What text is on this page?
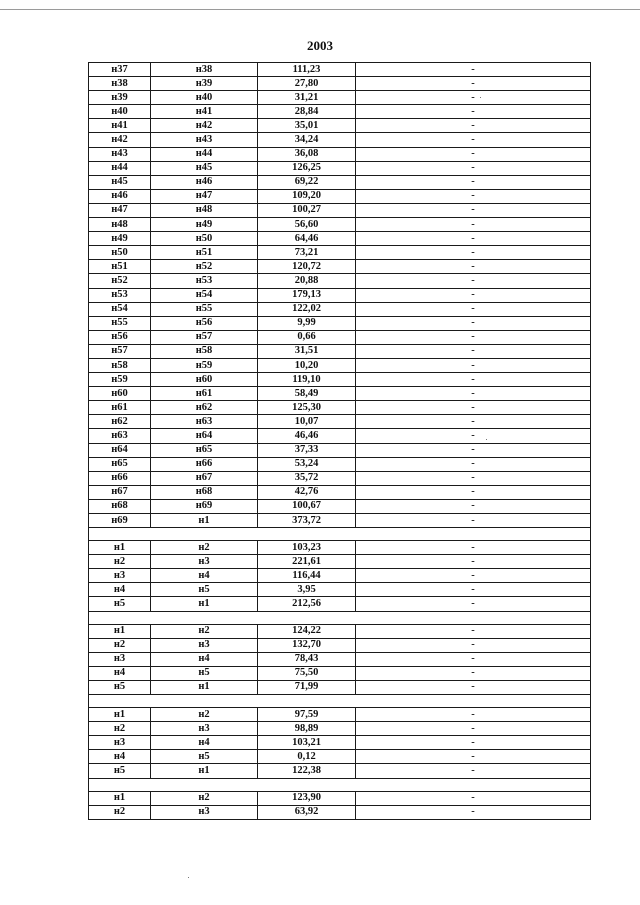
2003
н37	н38	111,23	-
н38	н39	27,80	-
н39	н40	31,21	-
н40	н41	28,84	-
н41	н42	35,01	-
н42	н43	34,24	-
н43	н44	36,08	-
н44	н45	126,25	-
н45	н46	69,22	-
н46	н47	109,20	-
н47	н48	100,27	-
н48	н49	56,60	-
н49	н50	64,46	-
н50	н51	73,21	-
н51	н52	120,72	-
н52	н53	20,88	-
н53	н54	179,13	-
н54	н55	122,02	-
н55	н56	9,99	-
н56	н57	0,66	-
н57	н58	31,51	-
н58	н59	10,20	-
н59	н60	119,10	-
н60	н61	58,49	-
н61	н62	125,30	-
н62	н63	10,07	-
н63	н64	46,46	-
н64	н65	37,33	-
н65	н66	53,24	-
н66	н67	35,72	-
н67	н68	42,76	-
н68	н69	100,67	-
н69	н1	373,72	-

н1	н2	103,23	-
н2	н3	221,61	-
н3	н4	116,44	-
н4	н5	3,95	-
н5	н1	212,56	-

н1	н2	124,22	-
н2	н3	132,70	-
н3	н4	78,43	-
н4	н5	75,50	-
н5	н1	71,99	-

н1	н2	97,59	-
н2	н3	98,89	-
н3	н4	103,21	-
н4	н5	0,12	-
н5	н1	122,38	-

н1	н2	123,90	-
н2	н3	63,92	-
